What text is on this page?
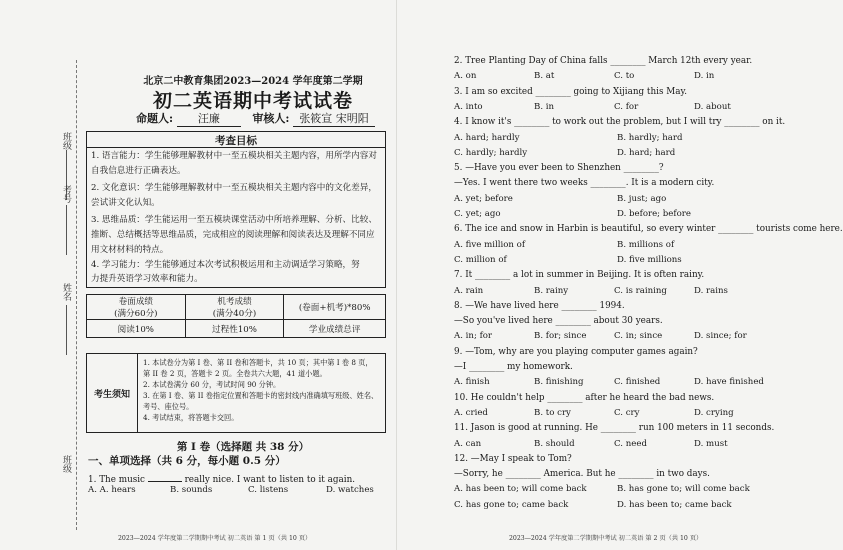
班级
考号
姓名
班级
北京二中教育集团2023—2024 学年度第二学期
初二英语期中考试试卷
命题人: 汪廉	审核人: 张筱宣 宋明阳
考查目标
1. 语言能力：学生能够理解教材中一至五模块相关主题内容，用所学内容对
自我信息进行正确表达。
2. 文化意识：学生能够理解教材中一至五模块相关主题内容中的文化差异，
尝试讲文化认知。
3. 思维品质：学生能运用一至五模块课堂活动中所培养理解、分析、比较、
推断、总结概括等思维品质，完成相应的阅读理解和阅读表达及理解不同应
用文材材料的特点。
4. 学习能力：学生能够通过本次考试积极运用和主动调适学习策略，努
力提升英语学习效率和能力。
卷面成绩
(满分60分)	机考成绩
(满分40分)	(卷面+机考)*80%
阅读10%	过程性10%	学业成绩总评
考生须知
1. 本试卷分为第 I 卷、第 II 卷和答题卡，共 10 页；其中第 I 卷 8 页，
第 II 卷 2 页，答题卡 2 页。全卷共六大题，41 道小题。
2. 本试卷满分 60 分，考试时间 90 分钟。
3. 在第 I 卷、第 II 卷指定位置和答题卡的密封线内准确填写班级、姓名、
考号、座位号。
4. 考试结束，将答题卡交回。
第 I 卷（选择题 共 38 分）
一、单项选择（共 6 分，每小题 0.5 分）
1. The music	really nice. I want to listen to it again.
A. A. hears	B. sounds	C. listens	D. watches
2023—2024 学年度第二学期期中考试 初二英语 第 1 页（共 10 页）
2. Tree Planting Day of China falls ________ March 12th every year.
A. on	B. at	C. to	D. in
3. I am so excited ________ going to Xijiang this May.
A. into	B. in	C. for	D. about
4. I know it's ________ to work out the problem, but I will try ________ on it.
A. hard; hardly	B. hardly; hard
C. hardly; hardly	D. hard; hard
5. —Have you ever been to Shenzhen ________?
—Yes. I went there two weeks ________. It is a modern city.
A. yet; before	B. just; ago
C. yet; ago	D. before; before
6. The ice and snow in Harbin is beautiful, so every winter ________ tourists come here.
A. five million of	B. millions of
C. million of	D. five millions
7. It ________ a lot in summer in Beijing. It is often rainy.
A. rain	B. rainy	C. is raining	D. rains
8. —We have lived here ________ 1994.
—So you've lived here ________ about 30 years.
A. in; for	B. for; since	C. in; since	D. since; for
9. —Tom, why are you playing computer games again?
—I ________ my homework.
A. finish	B. finishing	C. finished	D. have finished
10. He couldn't help ________ after he heard the bad news.
A. cried	B. to cry	C. cry	D. crying
11. Jason is good at running. He ________ run 100 meters in 11 seconds.
A. can	B. should	C. need	D. must
12. —May I speak to Tom?
—Sorry, he ________ America. But he ________ in two days.
A. has been to; will come back	B. has gone to; will come back
C. has gone to; came back	D. has been to; came back
2023—2024 学年度第二学期期中考试 初二英语 第 2 页（共 10 页）
